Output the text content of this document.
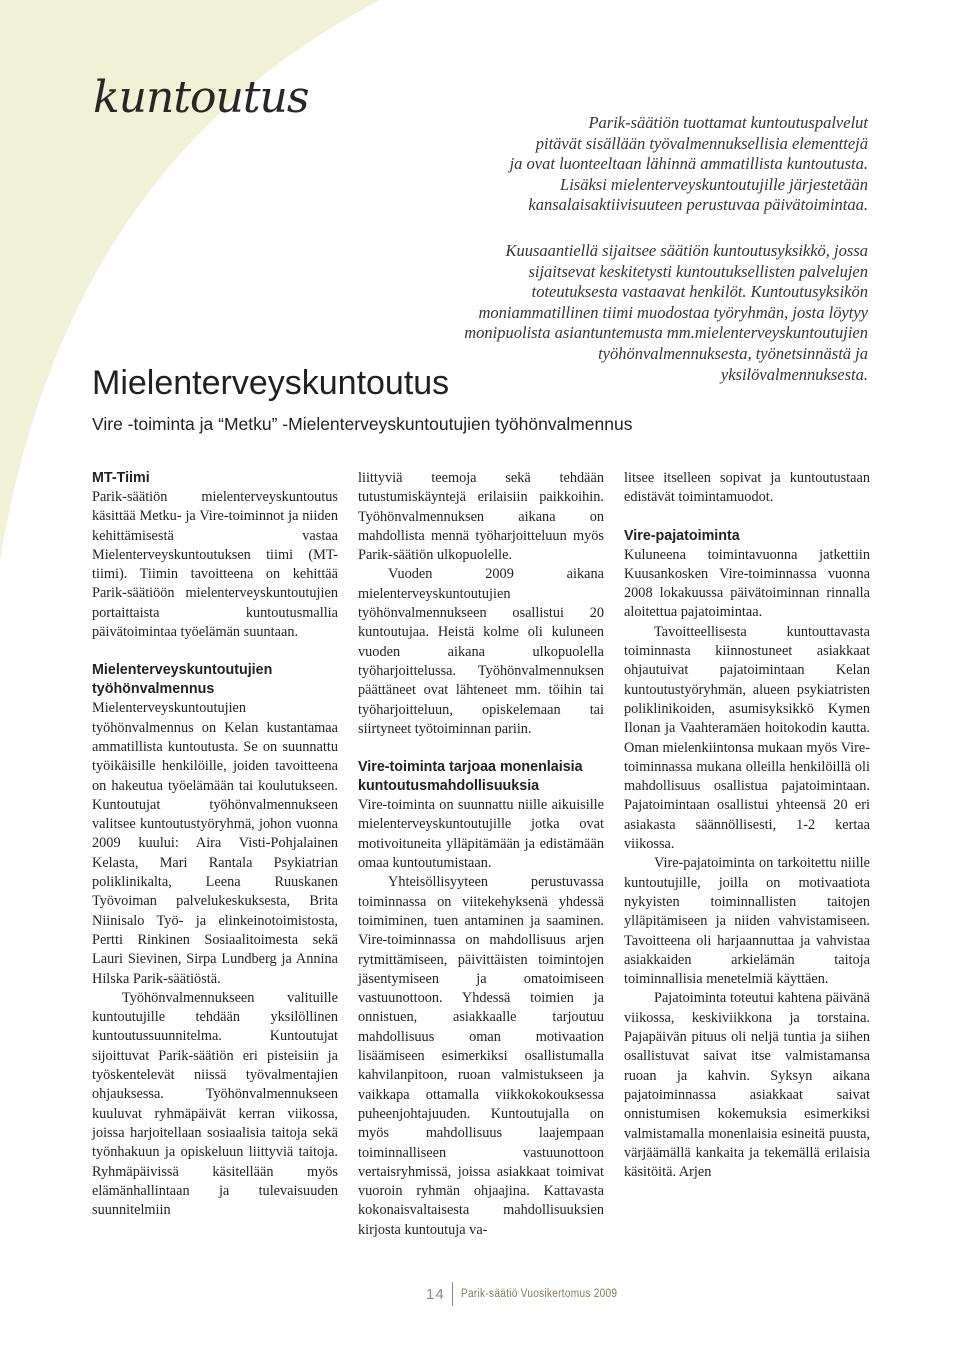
kuntoutus	Parik-säätiön tuottamat kuntoutuspalvelut
pitävät sisällään työvalmennuksellisia elementtejä
ja ovat luonteeltaan lähinnä ammatillista kuntoutusta.
Lisäksi mielenterveyskuntoutujille järjestetään
kansalaisaktiivisuuteen perustuvaa päivätoimintaa.
Kuusaantiellä sijaitsee säätiön kuntoutusyksikkö, jossa
sijaitsevat keskitetysti kuntoutuksellisten palvelujen
toteutuksesta vastaavat henkilöt. Kuntoutusyksikön
moniammatillinen tiimi muodostaa työryhmän, josta löytyy
monipuolista asiantuntemusta mm.mielenterveyskuntoutujien
työhönvalmennuksesta, työnetsinnästä ja
yksilövalmennuksesta.
Mielenterveyskuntoutus
Vire -toiminta ja “Metku” -Mielenterveyskuntoutujien työhönvalmennus
MT-Tiimi

Parik-säätiön mielenterveyskuntoutus käsittää Metku- ja Vire-toiminnot ja niiden kehittämisestä vastaa Mielenterveyskuntoutuksen tiimi (MT-tiimi). Tiimin tavoitteena on kehittää Parik-säätiöön mielenterveyskuntoutujien portaittaista kuntoutusmallia päivätoimintaa työelämän suuntaan.

Mielenterveyskuntoutujien työhönvalmennus

Mielenterveyskuntoutujien työhönvalmennus on Kelan kustantamaa ammatillista kuntoutusta. Se on suunnattu työikäisille henkilöille, joiden tavoitteena on hakeutua työelämään tai koulutukseen. Kuntoutujat työhönvalmennukseen valitsee kuntoutustyöryhmä, johon vuonna 2009 kuului: Aira Visti-Pohjalainen Kelasta, Mari Rantala Psykiatrian poliklinikalta, Leena Ruuskanen Työvoiman palvelukeskuksesta, Brita Niinisalo Työ- ja elinkeinotoimistosta, Pertti Rinkinen Sosiaalitoimesta sekä Lauri Sievinen, Sirpa Lundberg ja Annina Hilska Parik-säätiöstä.

Työhönvalmennukseen valituille kuntoutujille tehdään yksilöllinen kuntoutussuunnitelma. Kuntoutujat sijoittuvat Parik-säätiön eri pisteisiin ja työskentelevät niissä työvalmentajien ohjauksessa. Työhönvalmennukseen kuuluvat ryhmäpäivät kerran viikossa, joissa harjoitellaan sosiaalisia taitoja sekä työnhakuun ja opiskeluun liittyviä taitoja. Ryhmäpäivissä käsitellään myös elämänhallintaan ja tulevaisuuden suunnitelmiin

liittyviä teemoja sekä tehdään tutustumiskäyntejä erilaisiin paikkoihin. Työhönvalmennuksen aikana on mahdollista mennä työharjoitteluun myös Parik-säätiön ulkopuolelle.

Vuoden 2009 aikana mielenterveyskuntoutujien työhönvalmennukseen osallistui 20 kuntoutujaa. Heistä kolme oli kuluneen vuoden aikana ulkopuolella työharjoittelussa. Työhönvalmennuksen päättäneet ovat lähteneet mm. töihin tai työharjoitteluun, opiskelemaan tai siirtyneet työtoiminnan pariin.

Vire-toiminta tarjoaa monenlaisia kuntoutusmahdollisuuksia

Vire-toiminta on suunnattu niille aikuisille mielenterveyskuntoutujille jotka ovat motivoituneita ylläpitämään ja edistämään omaa kuntoutumistaan.

Yhteisöllisyyteen perustuvassa toiminnassa on viitekehyksenä yhdessä toimiminen, tuen antaminen ja saaminen. Vire-toiminnassa on mahdollisuus arjen rytmittämiseen, päivittäisten toimintojen jäsentymiseen ja omatoimiseen vastuunottoon. Yhdessä toimien ja onnistuen, asiakkaalle tarjoutuu mahdollisuus oman motivaation lisäämiseen esimerkiksi osallistumalla kahvilanpitoon, ruoan valmistukseen ja vaikkapa ottamalla viikkokokouksessa puheenjohtajuuden. Kuntoutujalla on myös mahdollisuus laajempaan toiminnalliseen vastuunottoon vertaisryhmissä, joissa asiakkaat toimivat vuoroin ryhmän ohjaajina. Kattavasta kokonaisvaltaisesta mahdollisuuksien kirjosta kuntoutuja va-

litsee itselleen sopivat ja kuntoutustaan edistävät toimintamuodot.

Vire-pajatoiminta

Kuluneena toimintavuonna jatkettiin Kuusankosken Vire-toiminnassa vuonna 2008 lokakuussa päivätoiminnan rinnalla aloitettua pajatoimintaa.

Tavoitteellisesta kuntouttavasta toiminnasta kiinnostuneet asiakkaat ohjautuivat pajatoimintaan Kelan kuntoutustyöryhmän, alueen psykiatristen poliklinikoiden, asumisyksikkö Kymen Ilonan ja Vaahteramäen hoitokodin kautta. Oman mielenkiintonsa mukaan myös Vire-toiminnassa mukana olleilla henkilöillä oli mahdollisuus osallistua pajatoimintaan. Pajatoimintaan osallistui yhteensä 20 eri asiakasta säännöllisesti, 1-2 kertaa viikossa.

Vire-pajatoiminta on tarkoitettu niille kuntoutujille, joilla on motivaatiota nykyisten toiminnallisten taitojen ylläpitämiseen ja niiden vahvistamiseen. Tavoitteena oli harjaannuttaa ja vahvistaa asiakkaiden arkielämän taitoja toiminnallisia menetelmiä käyttäen.

Pajatoiminta toteutui kahtena päivänä viikossa, keskiviikkona ja torstaina. Pajapäivän pituus oli neljä tuntia ja siihen osallistuvat saivat itse valmistamansa ruoan ja kahvin. Syksyn aikana pajatoiminnassa asiakkaat saivat onnistumisen kokemuksia esimerkiksi valmistamalla monenlaisia esineitä puusta, värjäämällä kankaita ja tekemällä erilaisia käsitöitä. Arjen

14 Parik-säätiö Vuosikertomus 2009
